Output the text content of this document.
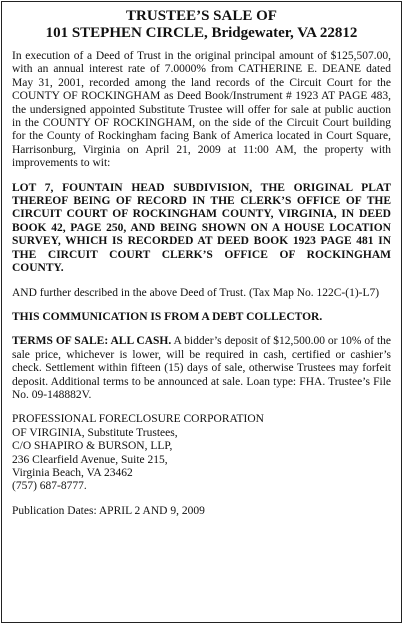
TRUSTEE’S SALE OF
101 STEPHEN CIRCLE, Bridgewater, VA 22812

In execution of a Deed of Trust in the original principal amount of $125,507.00, with an annual interest rate of 7.0000% from CATHERINE E. DEANE dated May 31, 2001, recorded among the land records of the Circuit Court for the COUNTY OF ROCKINGHAM as Deed Book/Instrument # 1923 AT PAGE 483, the undersigned appointed Substitute Trustee will offer for sale at public auction in the COUNTY OF ROCKINGHAM, on the side of the Circuit Court building for the County of Rockingham facing Bank of America located in Court Square, Harrisonburg, Virginia on April 21, 2009 at 11:00 AM, the property with improvements to wit:

LOT 7, FOUNTAIN HEAD SUBDIVISION, THE ORIGINAL PLAT THEREOF BEING OF RECORD IN THE CLERK’S OFFICE OF THE CIRCUIT COURT OF ROCKINGHAM COUNTY, VIRGINIA, IN DEED BOOK 42, PAGE 250, AND BEING SHOWN ON A HOUSE LOCATION SURVEY, WHICH IS RECORDED AT DEED BOOK 1923 PAGE 481 IN THE CIRCUIT COURT CLERK’S OFFICE OF ROCKINGHAM COUNTY.

AND further described in the above Deed of Trust. (Tax Map No. 122C-(1)-L7)

THIS COMMUNICATION IS FROM A DEBT COLLECTOR.

TERMS OF SALE: ALL CASH. A bidder’s deposit of $12,500.00 or 10% of the sale price, whichever is lower, will be required in cash, certified or cashier’s check. Settlement within fifteen (15) days of sale, otherwise Trustees may forfeit deposit. Additional terms to be announced at sale. Loan type: FHA. Trustee’s File No. 09-148882V.

PROFESSIONAL FORECLOSURE CORPORATION
OF VIRGINIA, Substitute Trustees,
C/O SHAPIRO & BURSON, LLP,
236 Clearfield Avenue, Suite 215,
Virginia Beach, VA 23462
(757) 687-8777.
Publication Dates: APRIL 2 AND 9, 2009
